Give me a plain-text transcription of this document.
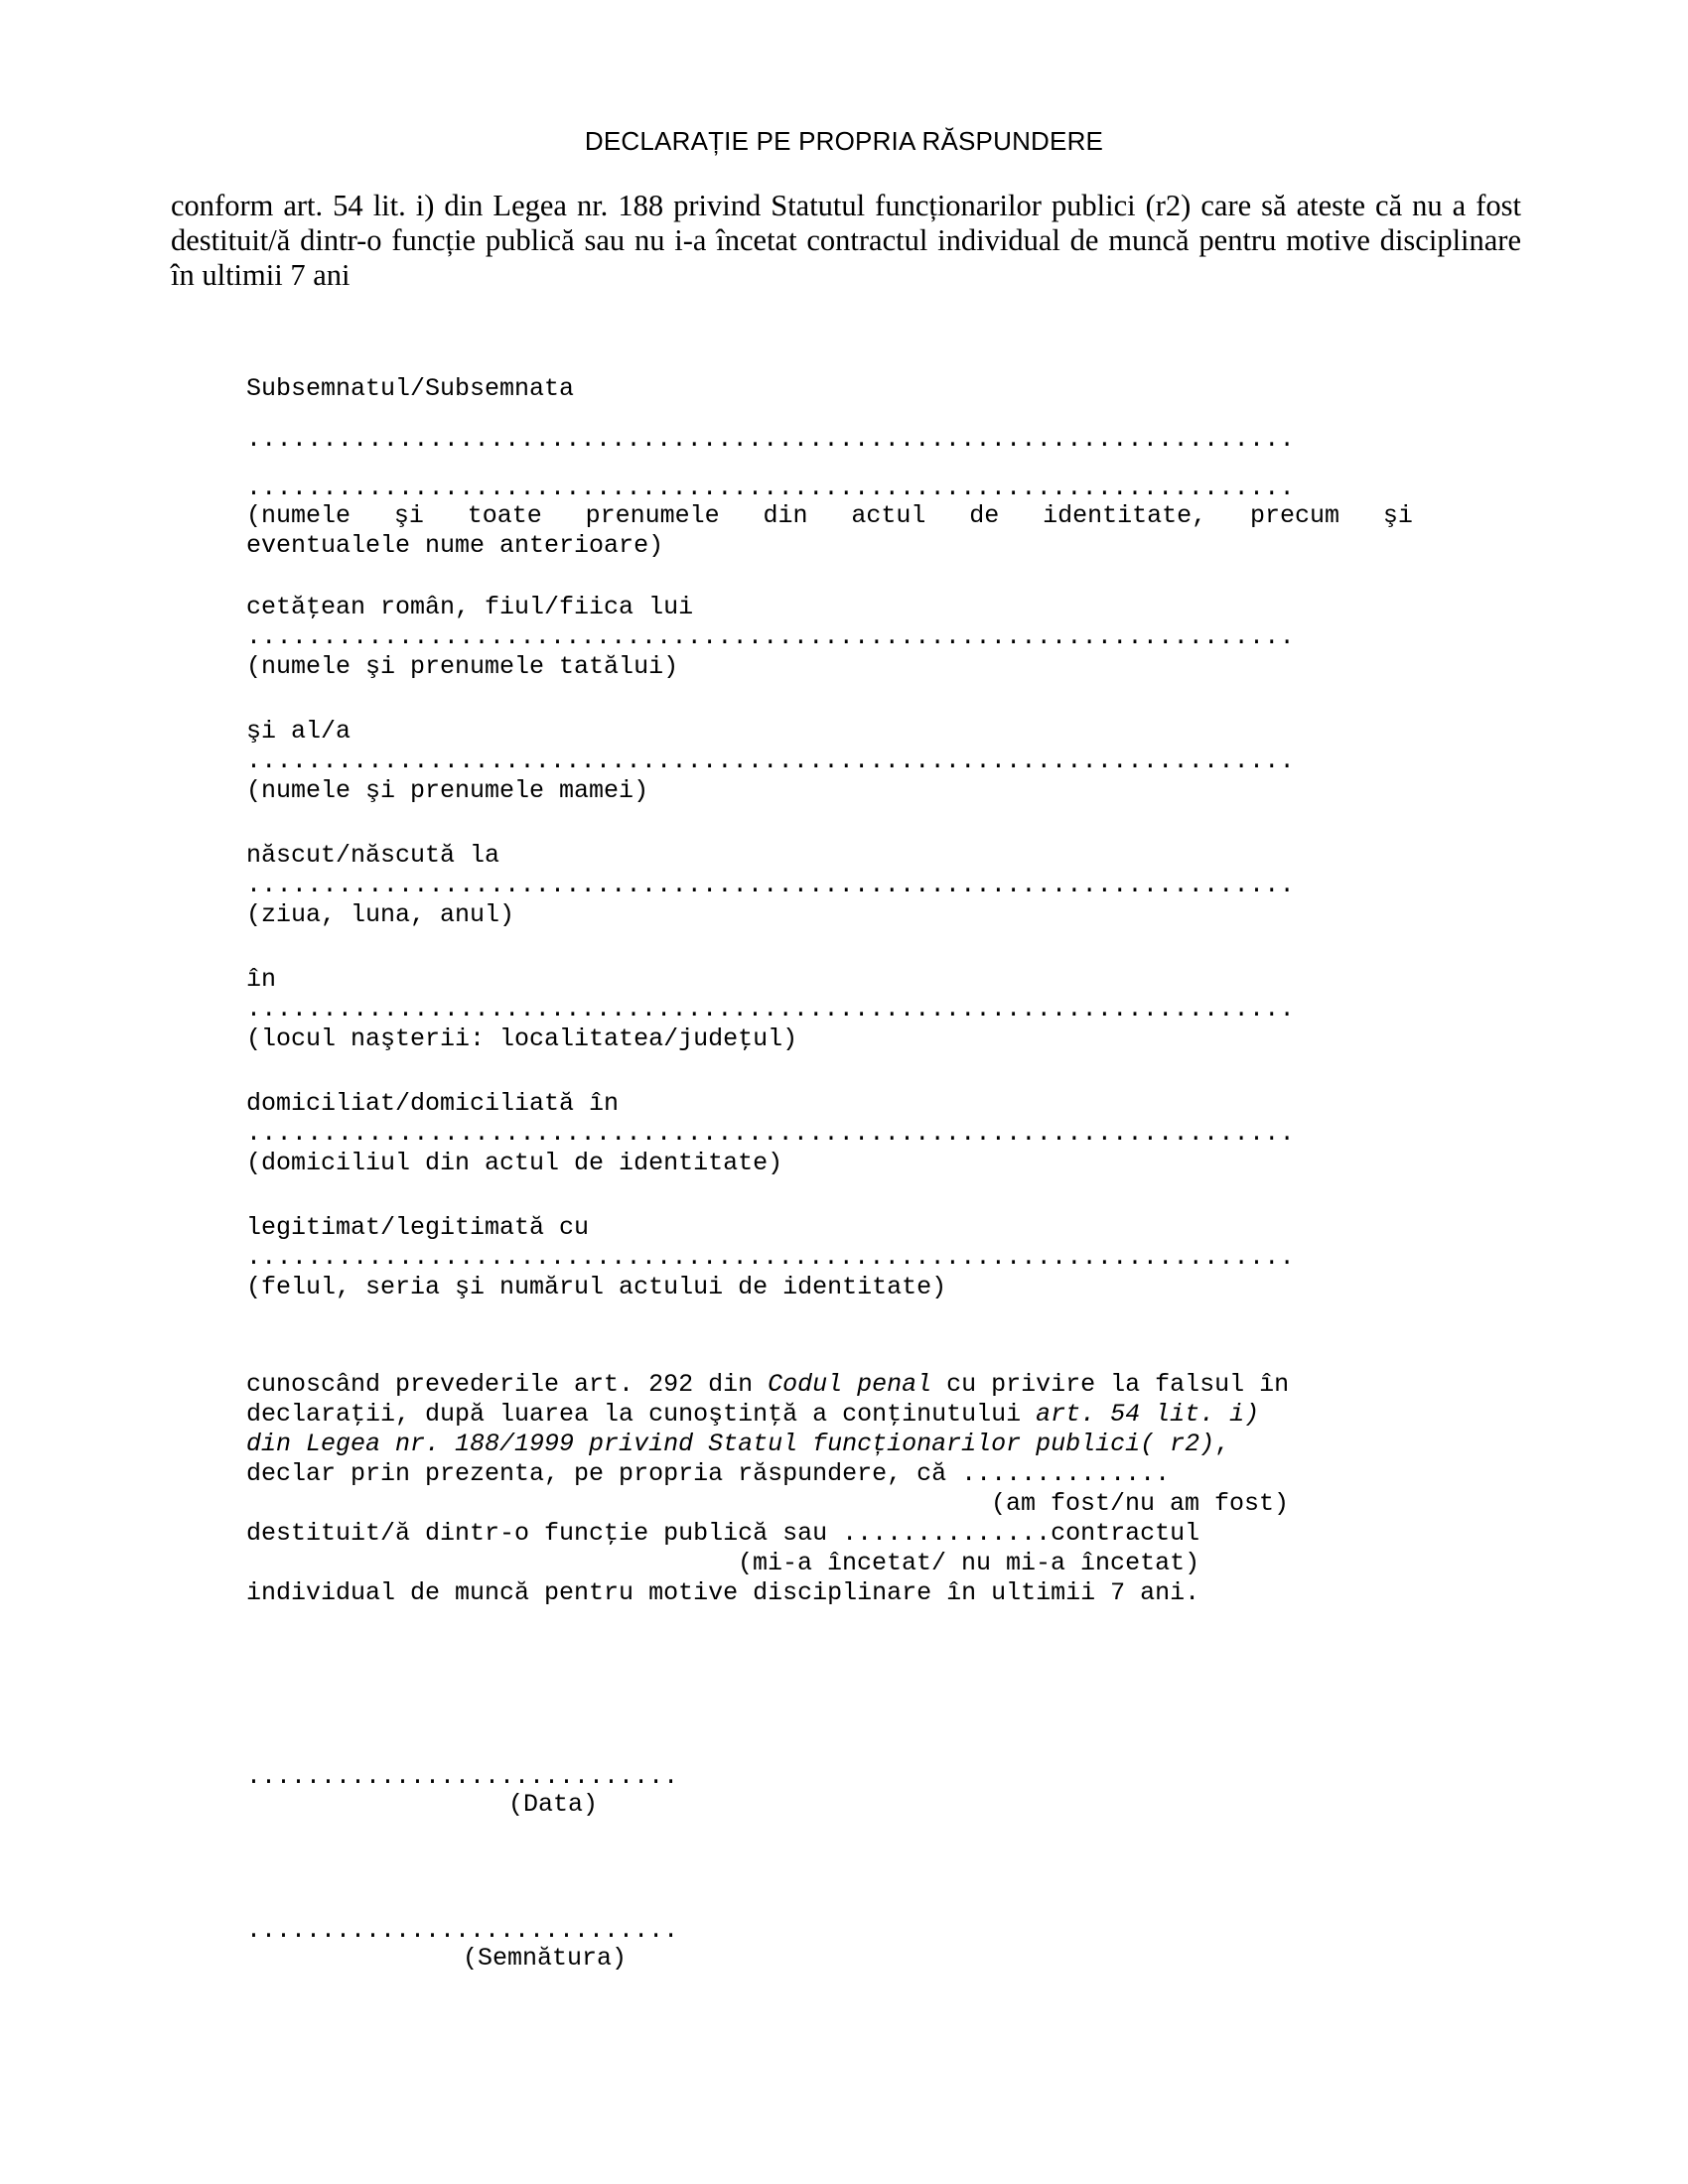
DECLARAȚIE PE PROPRIA RĂSPUNDERE
conform art. 54 lit. i) din Legea nr. 188 privind Statutul funcționarilor publici (r2) care să ateste că nu a fost destituit/ă dintr-o funcție publică sau nu i-a încetat contractul individual de muncă pentru motive disciplinare în ultimii 7 ani
Subsemnatul/Subsemnata
.....................................................................
.....................................................................
(numele şi toate prenumele din actul de identitate, precum şi
eventualele nume anterioare)
cetăţean român, fiul/fiica lui
.....................................................................
(numele şi prenumele tatălui)
şi al/a
.....................................................................
(numele şi prenumele mamei)
născut/născută la
.....................................................................
(ziua, luna, anul)
în
.....................................................................
(locul naşterii: localitatea/judeţul)
domiciliat/domiciliată în
.....................................................................
(domiciliul din actul de identitate)
legitimat/legitimată cu
.....................................................................
(felul, seria şi numărul actului de identitate)
cunoscând prevederile art. 292 din Codul penal cu privire la falsul în
declaraţii, după luarea la cunoştinţă a conţinutului art. 54 lit. i)
din Legea nr. 188/1999 privind Statul funcționarilor publici( r2),
declar prin prezenta, pe propria răspundere, că ..............
(am fost/nu am fost)
destituit/ă dintr-o funcţie publică sau ..............contractul
(mi-a încetat/ nu mi-a încetat)
individual de muncă pentru motive disciplinare în ultimii 7 ani.
.............................
(Data)
.............................
(Semnătura)
